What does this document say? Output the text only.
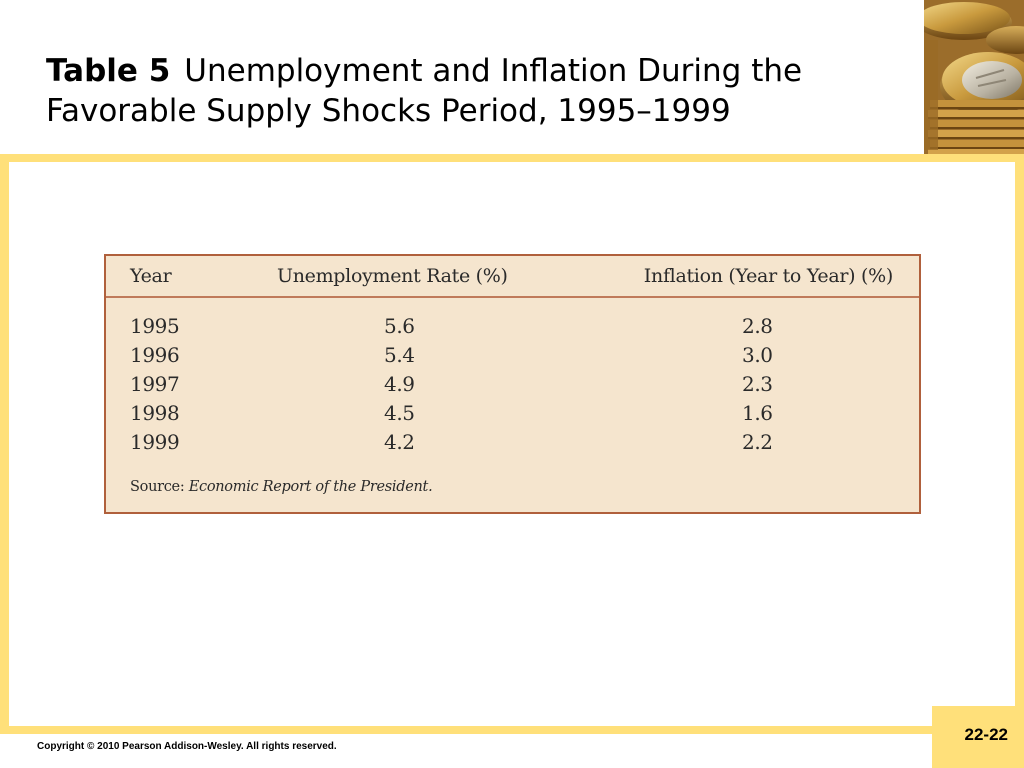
Table 5 Unemployment and Inflation During the Favorable Supply Shocks Period, 1995–1999
Year	Unemployment Rate (%)	Inflation (Year to Year) (%)
1995	5.6	2.8
1996	5.4	3.0
1997	4.9	2.3
1998	4.5	1.6
1999	4.2	2.2
Source: Economic Report of the President.
Copyright © 2010 Pearson Addison-Wesley. All rights reserved.
22-22
